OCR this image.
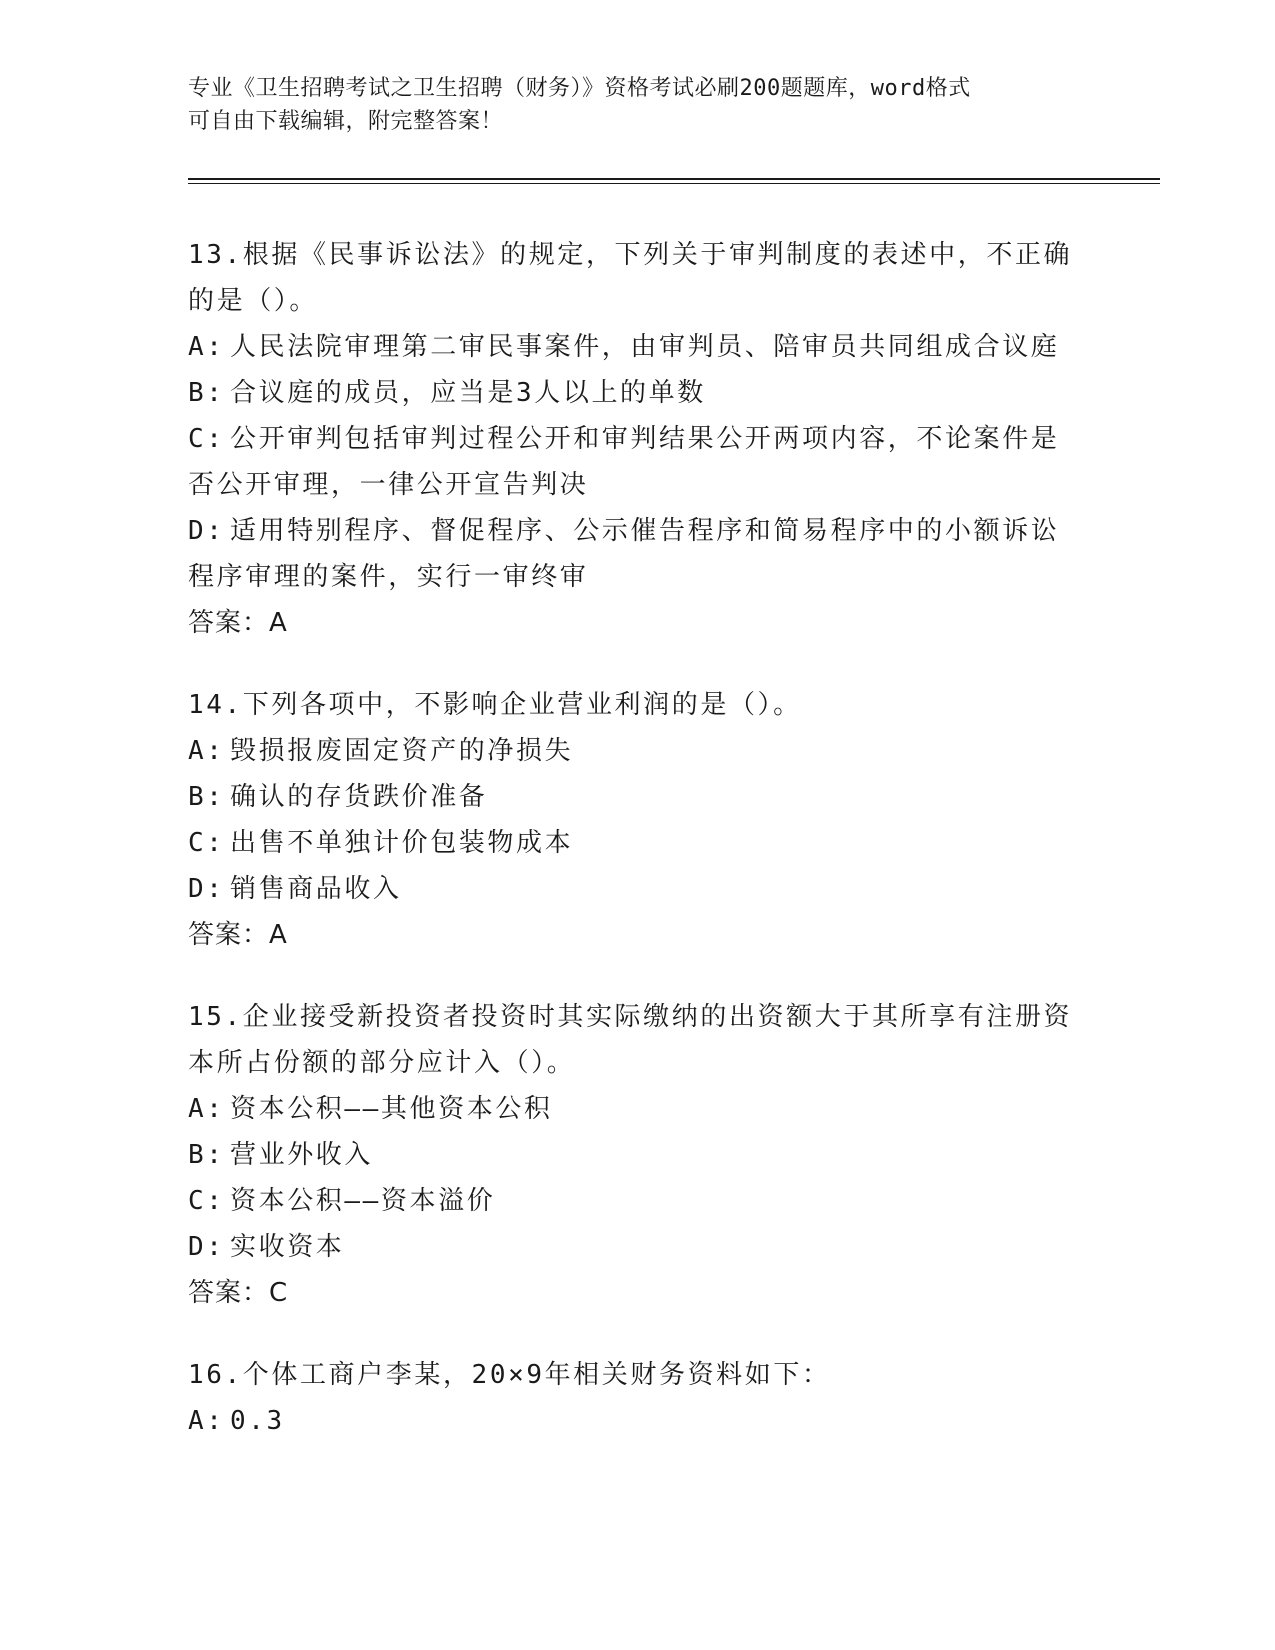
专业《卫生招聘考试之卫生招聘（财务）》资格考试必刷200题题库，word格式
可自由下载编辑，附完整答案！
13.根据《民事诉讼法》的规定，下列关于审判制度的表述中，不正确
的是（）。
A: 人民法院审理第二审民事案件，由审判员、陪审员共同组成合议庭
B: 合议庭的成员，应当是3人以上的单数
C: 公开审判包括审判过程公开和审判结果公开两项内容，不论案件是
否公开审理，一律公开宣告判决
D: 适用特别程序、督促程序、公示催告程序和简易程序中的小额诉讼
程序审理的案件，实行一审终审
答案：A
14.下列各项中，不影响企业营业利润的是（）。
A: 毁损报废固定资产的净损失
B: 确认的存货跌价准备
C: 出售不单独计价包装物成本
D: 销售商品收入
答案：A
15.企业接受新投资者投资时其实际缴纳的出资额大于其所享有注册资
本所占份额的部分应计入（）。
A: 资本公积——其他资本公积
B: 营业外收入
C: 资本公积——资本溢价
D: 实收资本
答案：C
16.个体工商户李某，20×9年相关财务资料如下：
A: 0.3
